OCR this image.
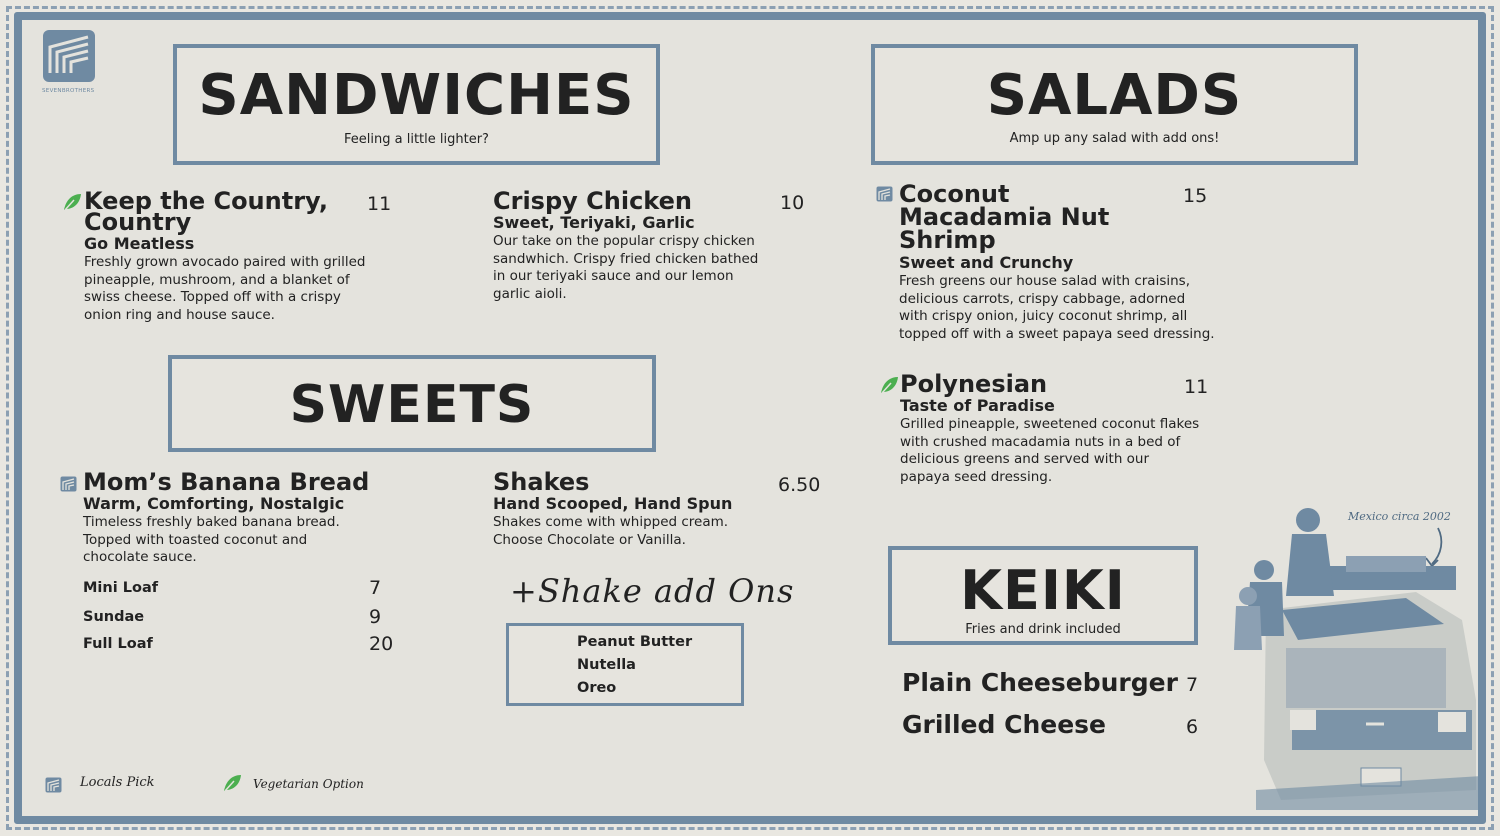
SEVENBROTHERS	SANDWICHES
Feeling a little lighter?
Keep the Country,
Country
Go Meatless
Freshly grown avocado paired with grilled
pineapple, mushroom, and a blanket of
swiss cheese. Topped off with a crispy
onion ring and house sauce.
11	Crispy Chicken
Sweet, Teriyaki, Garlic
Our take on the popular crispy chicken
sandwhich. Crispy fried chicken bathed
in our teriyaki sauce and our lemon
garlic aioli.
10
SWEETS
Mom’s Banana Bread
Warm, Comforting, Nostalgic
Timeless freshly baked banana bread.
Topped with toasted coconut and
chocolate sauce.
Mini Loaf	7
Sundae	9
Full Loaf	20
Shakes
Hand Scooped, Hand Spun
Shakes come with whipped cream.
Choose Chocolate or Vanilla.
6.50
+Shake add Ons
Peanut Butter
Nutella
Oreo
SALADS
Amp up any salad with add ons!
Coconut
Macadamia Nut
Shrimp
Sweet and Crunchy
Fresh greens our house salad with craisins,
delicious carrots, crispy cabbage, adorned
with crispy onion, juicy coconut shrimp, all
topped off with a sweet papaya seed dressing.
15
Polynesian
Taste of Paradise
Grilled pineapple, sweetened coconut flakes
with crushed macadamia nuts in a bed of
delicious greens and served with our
papaya seed dressing.
11
KEIKI
Fries and drink included
Plain Cheeseburger 7
Grilled Cheese	6
Mexico circa 2002
Locals Pick	Vegetarian Option
